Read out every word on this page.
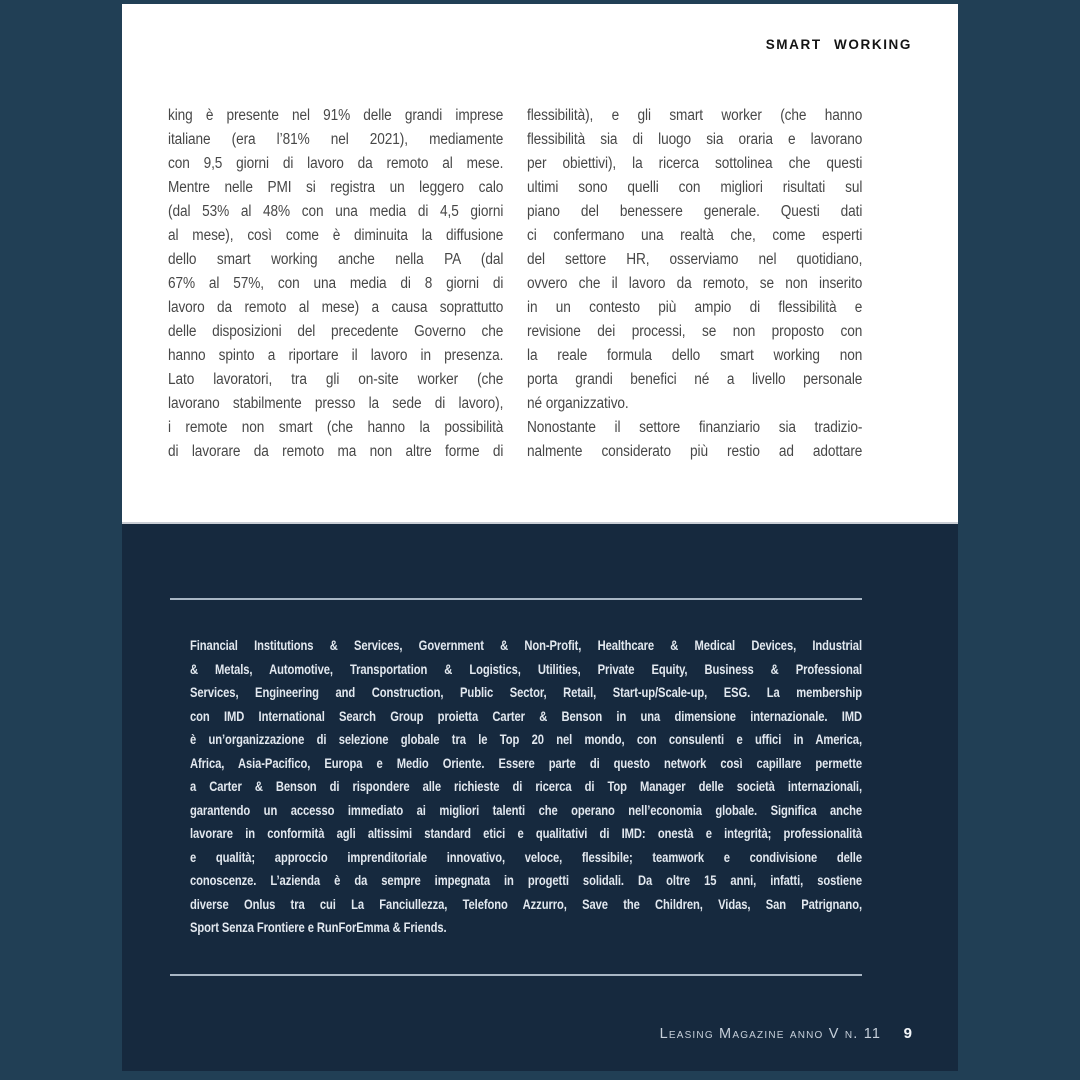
SMART WORKING
king è presente nel 91% delle grandi imprese
italiane (era l’81% nel 2021), mediamente
con 9,5 giorni di lavoro da remoto al mese.
Mentre nelle PMI si registra un leggero calo
(dal 53% al 48% con una media di 4,5 giorni
al mese), così come è diminuita la diffusione
dello smart working anche nella PA (dal
67% al 57%, con una media di 8 giorni di
lavoro da remoto al mese) a causa soprattutto
delle disposizioni del precedente Governo che
hanno spinto a riportare il lavoro in presenza.
Lato lavoratori, tra gli on-site worker (che
lavorano stabilmente presso la sede di lavoro),
i remote non smart (che hanno la possibilità
di lavorare da remoto ma non altre forme di
flessibilità), e gli smart worker (che hanno
flessibilità sia di luogo sia oraria e lavorano
per obiettivi), la ricerca sottolinea che questi
ultimi sono quelli con migliori risultati sul
piano del benessere generale. Questi dati
ci confermano una realtà che, come esperti
del settore HR, osserviamo nel quotidiano,
ovvero che il lavoro da remoto, se non inserito
in un contesto più ampio di flessibilità e
revisione dei processi, se non proposto con
la reale formula dello smart working non
porta grandi benefici né a livello personale
né organizzativo.
Nonostante il settore finanziario sia tradizio-
nalmente considerato più restio ad adottare
Financial Institutions & Services, Government & Non-Profit, Healthcare & Medical Devices, Industrial
& Metals, Automotive, Transportation & Logistics, Utilities, Private Equity, Business & Professional
Services, Engineering and Construction, Public Sector, Retail, Start-up/Scale-up, ESG. La membership
con IMD International Search Group proietta Carter & Benson in una dimensione internazionale. IMD
è un’organizzazione di selezione globale tra le Top 20 nel mondo, con consulenti e uffici in America,
Africa, Asia-Pacifico, Europa e Medio Oriente. Essere parte di questo network così capillare permette
a Carter & Benson di rispondere alle richieste di ricerca di Top Manager delle società internazionali,
garantendo un accesso immediato ai migliori talenti che operano nell’economia globale. Significa anche
lavorare in conformità agli altissimi standard etici e qualitativi di IMD: onestà e integrità; professionalità
e qualità; approccio imprenditoriale innovativo, veloce, flessibile; teamwork e condivisione delle
conoscenze. L’azienda è da sempre impegnata in progetti solidali. Da oltre 15 anni, infatti, sostiene
diverse Onlus tra cui La Fanciullezza, Telefono Azzurro, Save the Children, Vidas, San Patrignano,
Sport Senza Frontiere e RunForEmma & Friends.
Leasing Magazine anno V n. 11 9
